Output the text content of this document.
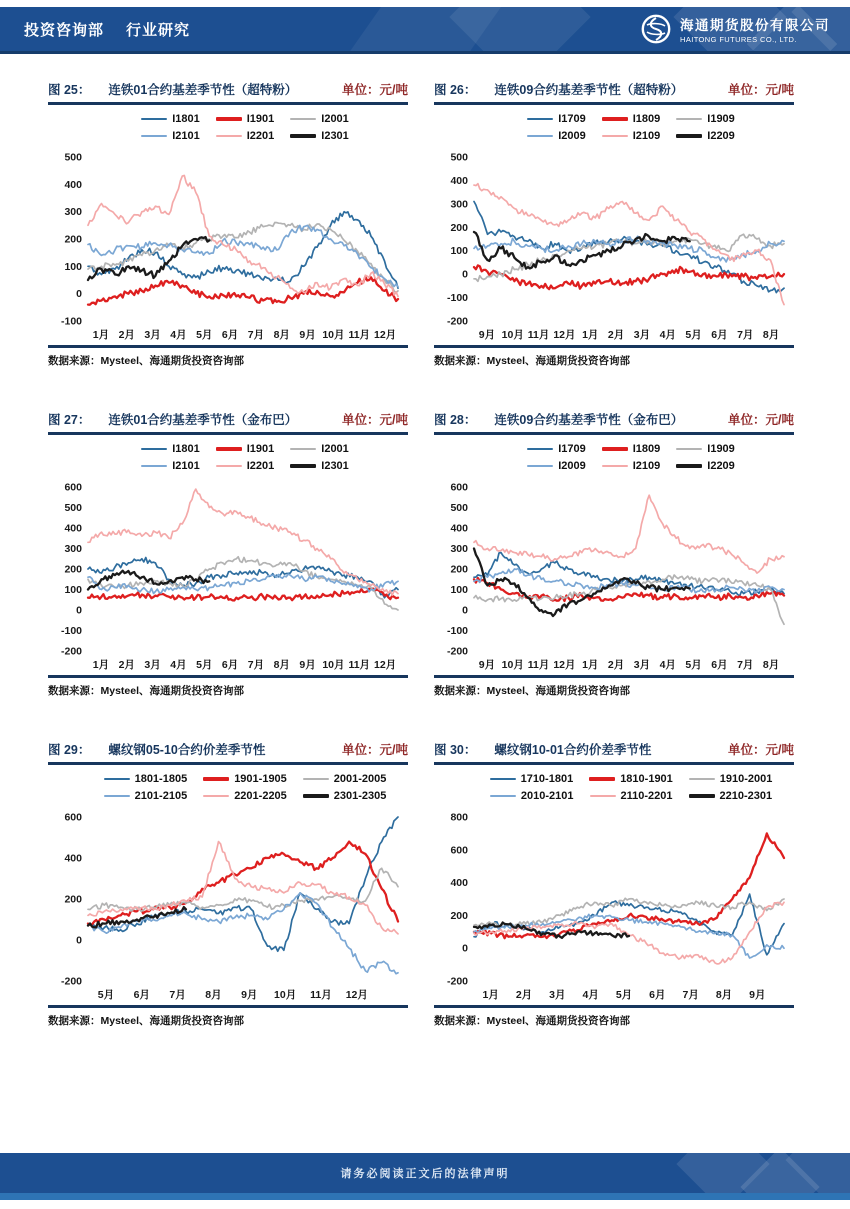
投资咨询部 行业研究	海通期货股份有限公司
HAITONG FUTURES CO., LTD.
图 25： 连铁01合约基差季节性（超特粉）	单位：元/吨
I1801	I1901	I2001
I2101	I2201	I2301
500
400
300
200
100
0
-100
1月 2月 3月 4月 5月 6月 7月 8月 9月 10月 11月 12月
数据来源：Mysteel、海通期货投资咨询部
图 26： 连铁09合约基差季节性（超特粉）	单位：元/吨
I1709	I1809	I1909
I2009	I2109	I2209
500
400
300
200
100
0
-100
-200
9月 10月 11月 12月 1月 2月 3月 4月 5月 6月 7月 8月
数据来源：Mysteel、海通期货投资咨询部
图 27： 连铁01合约基差季节性（金布巴）	单位：元/吨
I1801	I1901	I2001
I2101	I2201	I2301
600
500
400
300
200
100
0
-100
-200
1月 2月 3月 4月 5月 6月 7月 8月 9月 10月 11月 12月
数据来源：Mysteel、海通期货投资咨询部
图 28： 连铁09合约基差季节性（金布巴）	单位：元/吨
I1709	I1809	I1909
I2009	I2109	I2209
600
500
400
300
200
100
0
-100
-200
9月 10月 11月 12月 1月 2月 3月 4月 5月 6月 7月 8月
数据来源：Mysteel、海通期货投资咨询部
图 29： 螺纹钢05-10合约价差季节性	单位：元/吨
1801-1805	1901-1905	2001-2005
2101-2105	2201-2205	2301-2305
600
400
200
0
-200
5月 6月 7月 8月 9月 10月 11月 12月
数据来源：Mysteel、海通期货投资咨询部
图 30： 螺纹钢10-01合约价差季节性	单位：元/吨
1710-1801	1810-1901	1910-2001
2010-2101	2110-2201	2210-2301
800
600
400
200
0
-200
1月 2月 3月 4月 5月 6月 7月 8月 9月
数据来源：Mysteel、海通期货投资咨询部
请务必阅读正文后的法律声明
